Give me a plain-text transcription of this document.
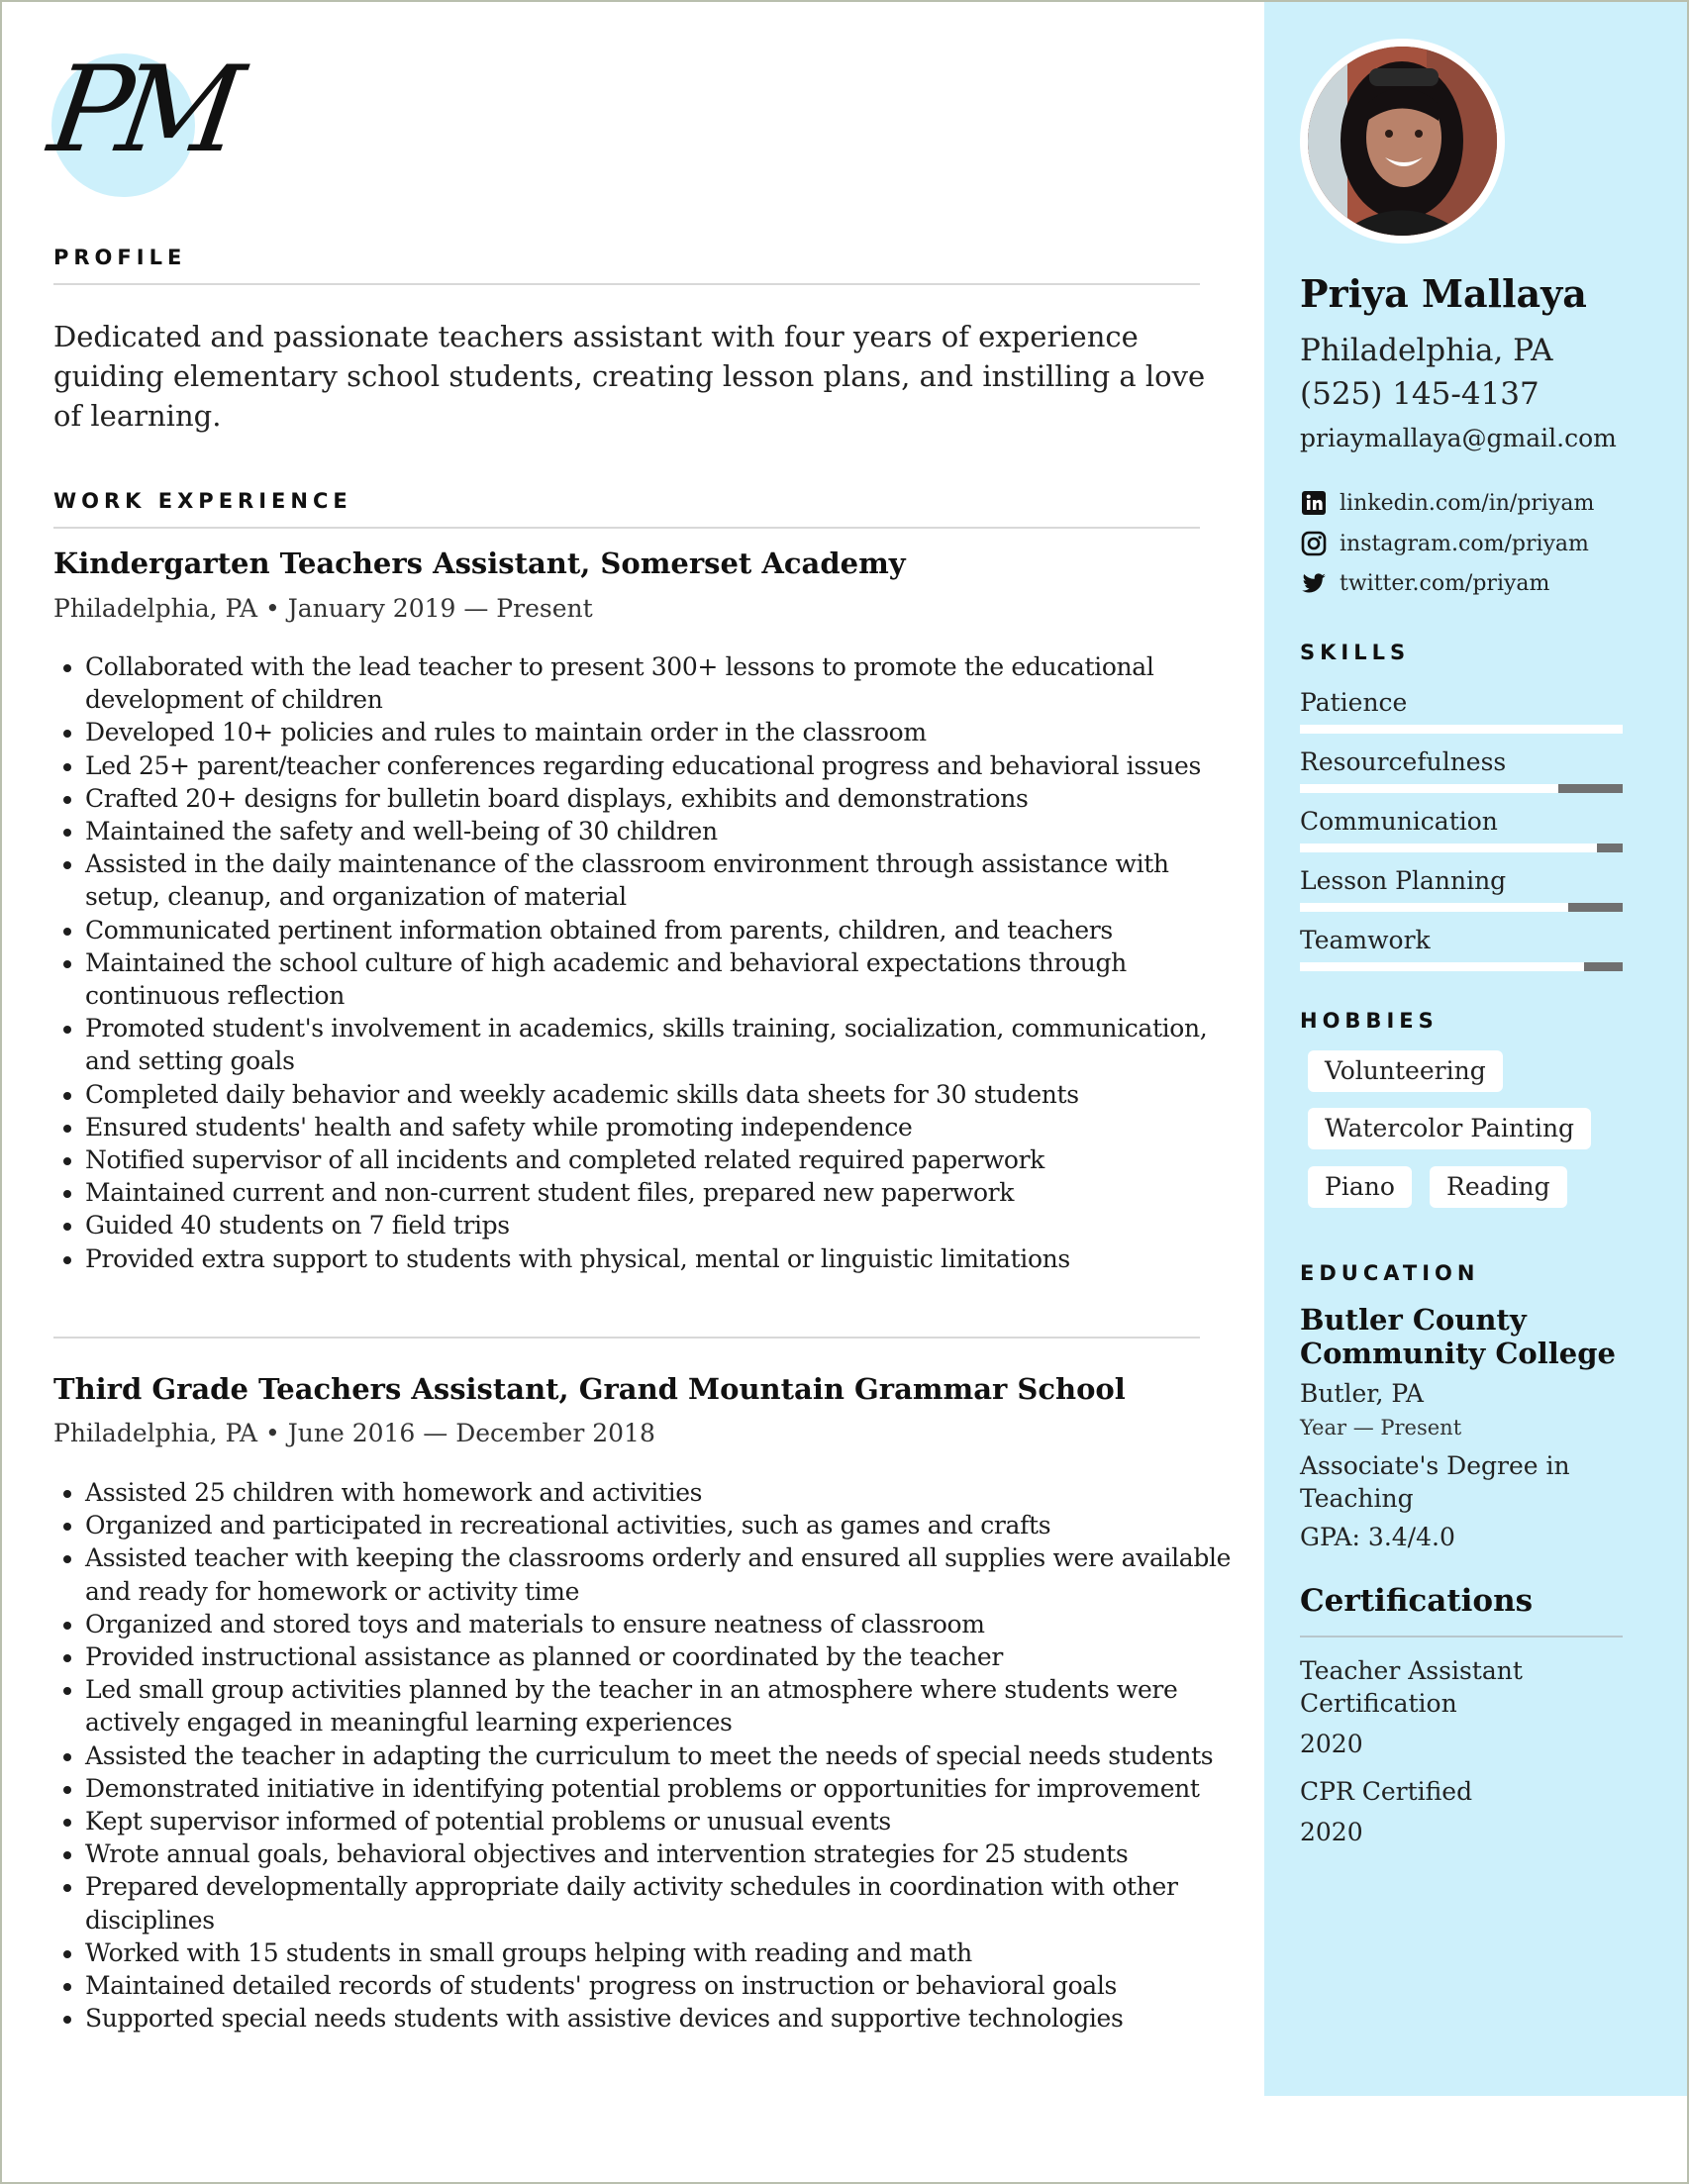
PM
PROFILE
Dedicated and passionate teachers assistant with four years of experience guiding elementary school students, creating lesson plans, and instilling a love of learning.
WORK EXPERIENCE
Kindergarten Teachers Assistant, Somerset Academy
Philadelphia, PA • January 2019 — Present
• Collaborated with the lead teacher to present 300+ lessons to promote the educational development of children
• Developed 10+ policies and rules to maintain order in the classroom
• Led 25+ parent/teacher conferences regarding educational progress and behavioral issues
• Crafted 20+ designs for bulletin board displays, exhibits and demonstrations
• Maintained the safety and well-being of 30 children
• Assisted in the daily maintenance of the classroom environment through assistance with setup, cleanup, and organization of material
• Communicated pertinent information obtained from parents, children, and teachers
• Maintained the school culture of high academic and behavioral expectations through continuous reflection
• Promoted student's involvement in academics, skills training, socialization, communication, and setting goals
• Completed daily behavior and weekly academic skills data sheets for 30 students
• Ensured students' health and safety while promoting independence
• Notified supervisor of all incidents and completed related required paperwork
• Maintained current and non-current student files, prepared new paperwork
• Guided 40 students on 7 field trips
• Provided extra support to students with physical, mental or linguistic limitations
Third Grade Teachers Assistant, Grand Mountain Grammar School
Philadelphia, PA • June 2016 — December 2018
• Assisted 25 children with homework and activities
• Organized and participated in recreational activities, such as games and crafts
• Assisted teacher with keeping the classrooms orderly and ensured all supplies were available and ready for homework or activity time
• Organized and stored toys and materials to ensure neatness of classroom
• Provided instructional assistance as planned or coordinated by the teacher
• Led small group activities planned by the teacher in an atmosphere where students were actively engaged in meaningful learning experiences
• Assisted the teacher in adapting the curriculum to meet the needs of special needs students
• Demonstrated initiative in identifying potential problems or opportunities for improvement
• Kept supervisor informed of potential problems or unusual events
• Wrote annual goals, behavioral objectives and intervention strategies for 25 students
• Prepared developmentally appropriate daily activity schedules in coordination with other disciplines
• Worked with 15 students in small groups helping with reading and math
• Maintained detailed records of students' progress on instruction or behavioral goals
• Supported special needs students with assistive devices and supportive technologies
Priya Mallaya
Philadelphia, PA
(525) 145-4137
priaymallaya@gmail.com
linkedin.com/in/priyam
instagram.com/priyam
twitter.com/priyam
SKILLS
Patience
Resourcefulness
Communication
Lesson Planning
Teamwork
HOBBIES
Volunteering
Watercolor Painting
Piano	Reading
EDUCATION
Butler County Community College
Butler, PA
Year — Present
Associate's Degree in Teaching
GPA: 3.4/4.0
Certifications
Teacher Assistant Certification
2020
CPR Certified
2020
